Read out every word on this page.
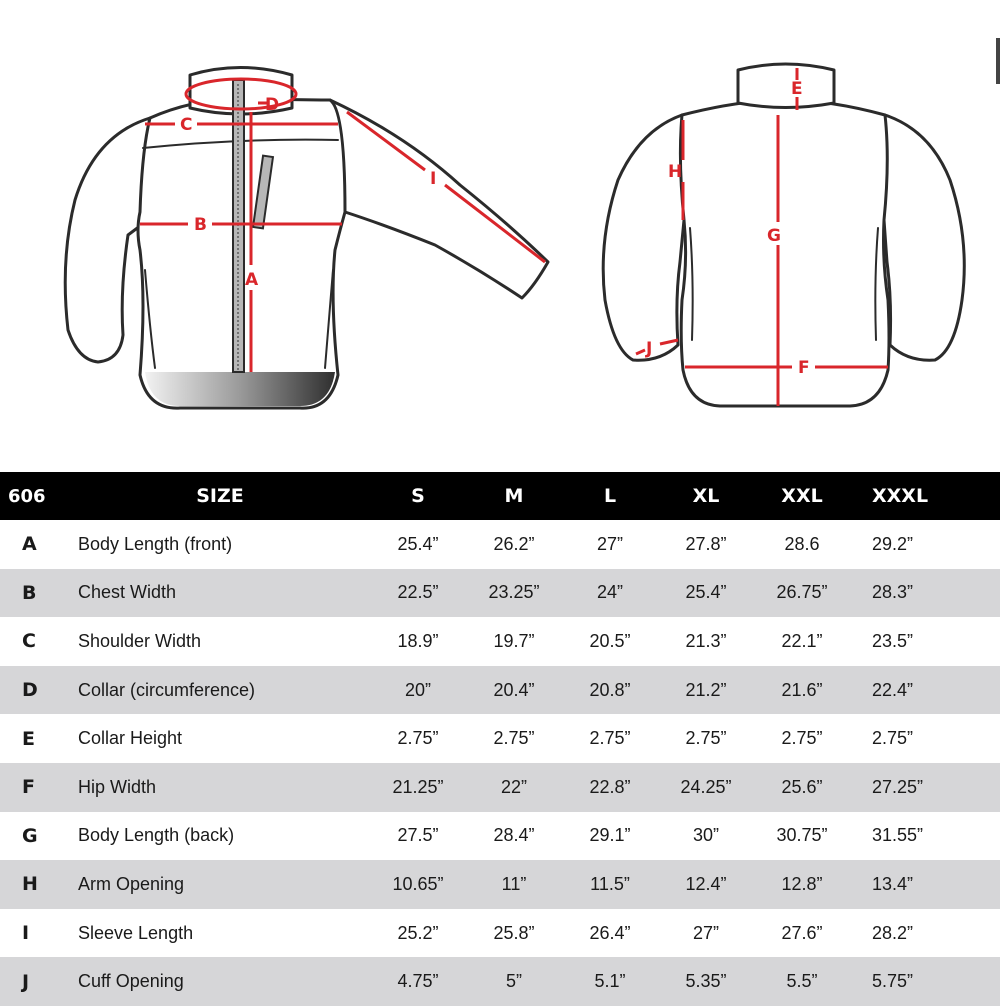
D
C
B
A
I
E
G
H
F
J
606	SIZE	S	M	L	XL	XXL	XXXL
A	Body Length (front)	25.4”	26.2”	27”	27.8”	28.6	29.2”
B	Chest Width	22.5”	23.25”	24”	25.4”	26.75”	28.3”
C	Shoulder Width	18.9”	19.7”	20.5”	21.3”	22.1”	23.5”
D	Collar (circumference)	20”	20.4”	20.8”	21.2”	21.6”	22.4”
E	Collar Height	2.75”	2.75”	2.75”	2.75”	2.75”	2.75”
F	Hip Width	21.25”	22”	22.8”	24.25”	25.6”	27.25”
G	Body Length (back)	27.5”	28.4”	29.1”	30”	30.75”	31.55”
H	Arm Opening	10.65”	11”	11.5”	12.4”	12.8”	13.4”
I	Sleeve Length	25.2”	25.8”	26.4”	27”	27.6”	28.2”
J	Cuff Opening	4.75”	5”	5.1”	5.35”	5.5”	5.75”
